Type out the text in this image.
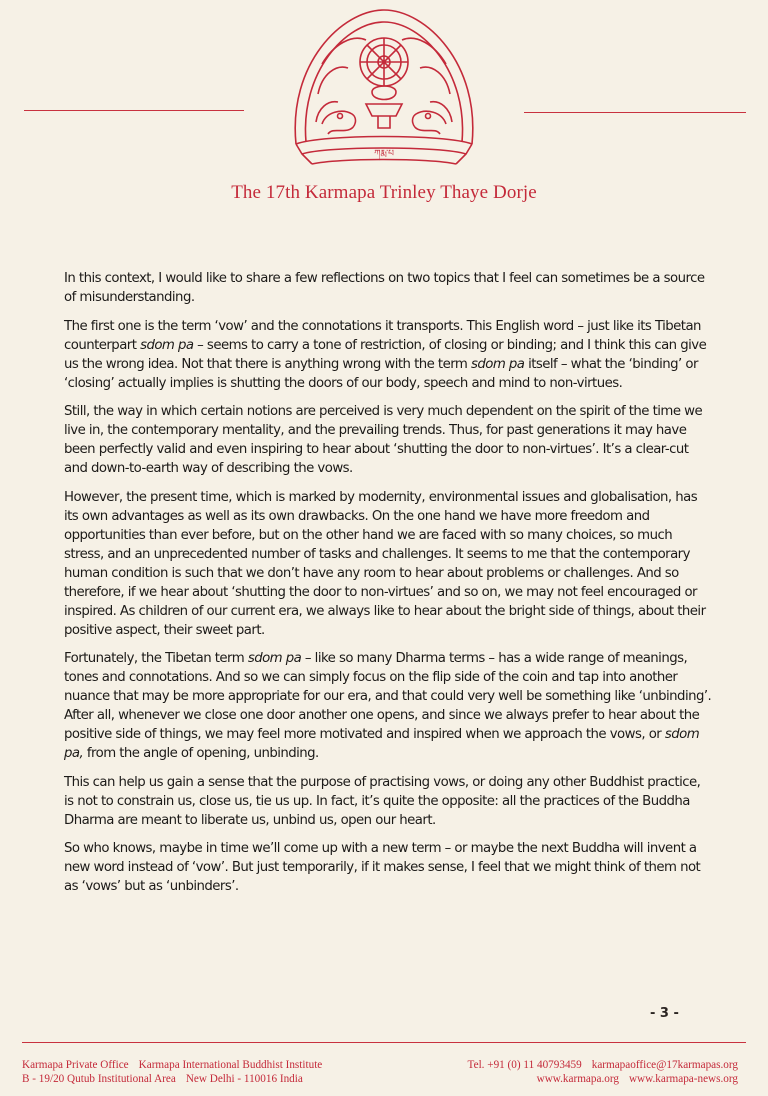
ཀརྨ་པ
The 17th Karmapa Trinley Thaye Dorje

In this context, I would like to share a few reflections on two topics that I feel can sometimes be a source of misunderstanding.

The first one is the term ‘vow’ and the connotations it transports. This English word – just like its Tibetan counterpart sdom pa – seems to carry a tone of restriction, of closing or binding; and I think this can give us the wrong idea. Not that there is anything wrong with the term sdom pa itself – what the ‘binding’ or ‘closing’ actually implies is shutting the doors of our body, speech and mind to non-virtues.

Still, the way in which certain notions are perceived is very much dependent on the spirit of the time we live in, the contemporary mentality, and the prevailing trends. Thus, for past generations it may have been perfectly valid and even inspiring to hear about ‘shutting the door to non-virtues’. It’s a clear-cut and down-to-earth way of describing the vows.

However, the present time, which is marked by modernity, environmental issues and globalisation, has its own advantages as well as its own drawbacks. On the one hand we have more freedom and opportunities than ever before, but on the other hand we are faced with so many choices, so much stress, and an unprecedented number of tasks and challenges. It seems to me that the contemporary human condition is such that we don’t have any room to hear about problems or challenges. And so therefore, if we hear about ‘shutting the door to non-virtues’ and so on, we may not feel encouraged or inspired. As children of our current era, we always like to hear about the bright side of things, about their positive aspect, their sweet part.

Fortunately, the Tibetan term sdom pa – like so many Dharma terms – has a wide range of meanings, tones and connotations. And so we can simply focus on the flip side of the coin and tap into another nuance that may be more appropriate for our era, and that could very well be something like ‘unbinding’. After all, whenever we close one door another one opens, and since we always prefer to hear about the positive side of things, we may feel more motivated and inspired when we approach the vows, or sdom pa, from the angle of opening, unbinding.

This can help us gain a sense that the purpose of practising vows, or doing any other Buddhist practice, is not to constrain us, close us, tie us up. In fact, it’s quite the opposite: all the practices of the Buddha Dharma are meant to liberate us, unbind us, open our heart.

So who knows, maybe in time we’ll come up with a new term – or maybe the next Buddha will invent a new word instead of ‘vow’. But just temporarily, if it makes sense, I feel that we might think of them not as ‘vows’ but as ‘unbinders’.

- 3 -
Karmapa Private Office Karmapa International Buddhist Institute
B - 19/20 Qutub Institutional Area New Delhi - 110016 India
Tel. +91 (0) 11 40793459 karmapaoffice@17karmapas.org
www.karmapa.org www.karmapa-news.org
